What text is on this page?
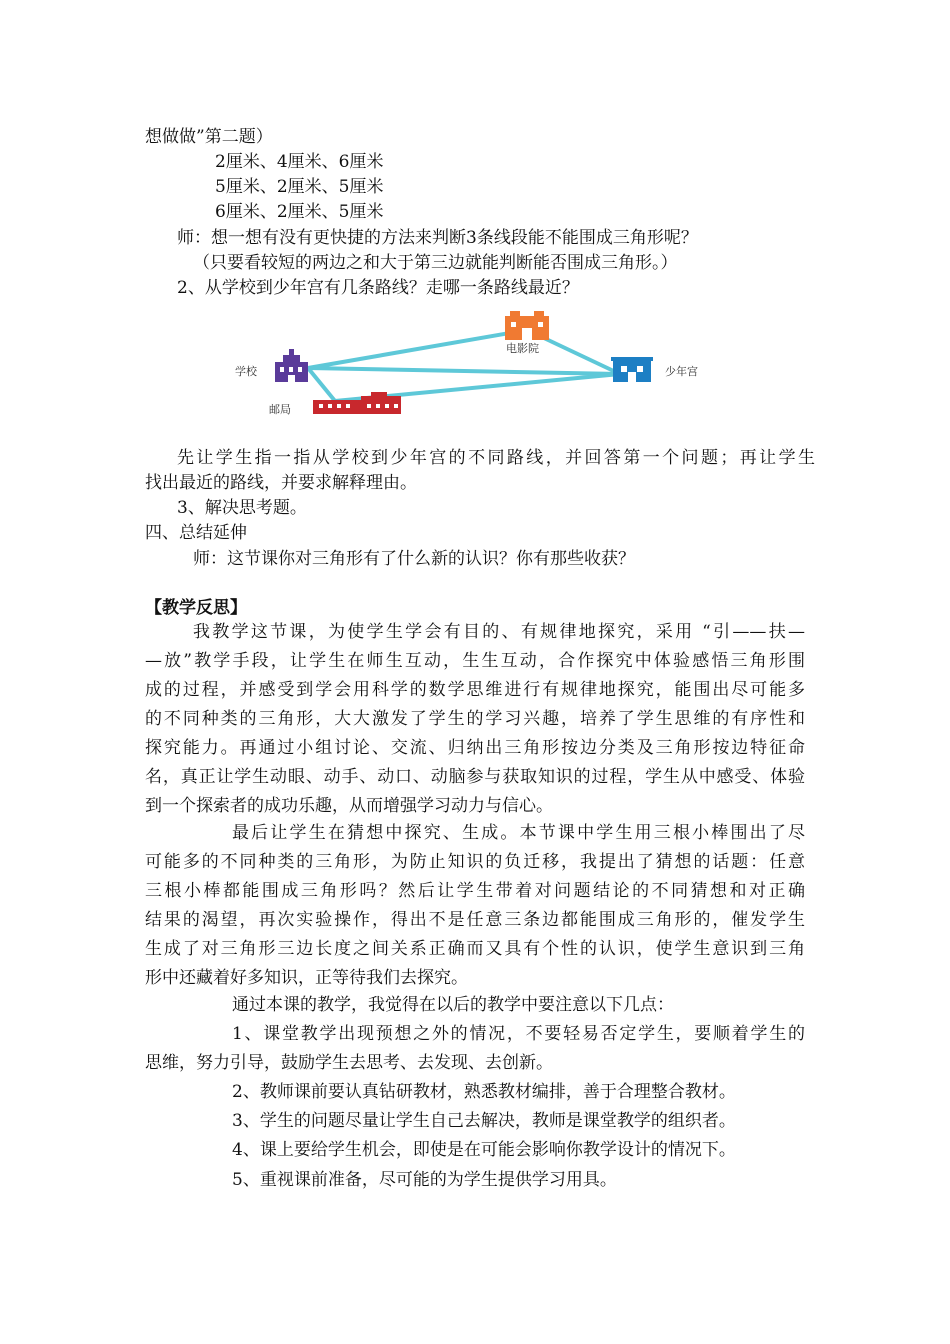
想做做”第二题）

2厘米、4厘米、6厘米

5厘米、2厘米、5厘米

6厘米、2厘米、5厘米

师：想一想有没有更快捷的方法来判断3条线段能不能围成三角形呢？

（只要看较短的两边之和大于第三边就能判断能否围成三角形。）

2、从学校到少年宫有几条路线？走哪一条路线最近？

学校
电影院
少年宫
邮局

先让学生指一指从学校到少年宫的不同路线，并回答第一个问题；再让学生

找出最近的路线，并要求解释理由。

3、解决思考题。

四、总结延伸

师：这节课你对三角形有了什么新的认识？你有那些收获？

【教学反思】

我教学这节课，为使学生学会有目的、有规律地探究，采用 “引——扶—

—放”教学手段，让学生在师生互动，生生互动，合作探究中体验感悟三角形围

成的过程，并感受到学会用科学的数学思维进行有规律地探究，能围出尽可能多

的不同种类的三角形，大大激发了学生的学习兴趣，培养了学生思维的有序性和

探究能力。再通过小组讨论、交流、归纳出三角形按边分类及三角形按边特征命

名，真正让学生动眼、动手、动口、动脑参与获取知识的过程，学生从中感受、体验

到一个探索者的成功乐趣，从而增强学习动力与信心。

最后让学生在猜想中探究、生成。本节课中学生用三根小棒围出了尽

可能多的不同种类的三角形，为防止知识的负迁移，我提出了猜想的话题：任意

三根小棒都能围成三角形吗？然后让学生带着对问题结论的不同猜想和对正确

结果的渴望，再次实验操作，得出不是任意三条边都能围成三角形的，催发学生

生成了对三角形三边长度之间关系正确而又具有个性的认识，使学生意识到三角

形中还藏着好多知识，正等待我们去探究。

通过本课的教学，我觉得在以后的教学中要注意以下几点：

1、课堂教学出现预想之外的情况，不要轻易否定学生，要顺着学生的

思维，努力引导，鼓励学生去思考、去发现、去创新。

2、教师课前要认真钻研教材，熟悉教材编排，善于合理整合教材。

3、学生的问题尽量让学生自己去解决，教师是课堂教学的组织者。

4、课上要给学生机会，即使是在可能会影响你教学设计的情况下。

5、重视课前准备，尽可能的为学生提供学习用具。
